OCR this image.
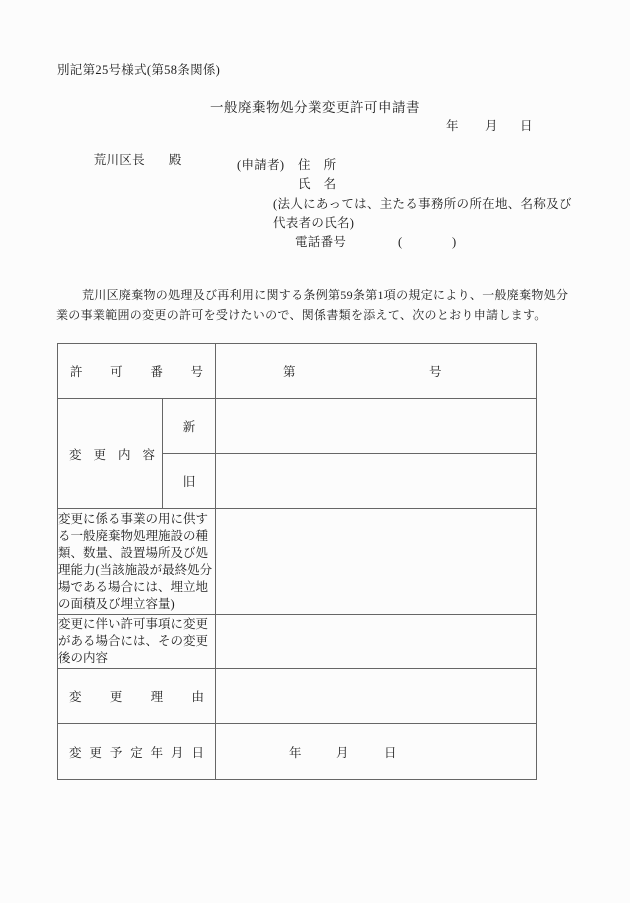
別記第25号様式(第58条関係)
一般廃棄物処分業変更許可申請書
年 月 日

荒川区長 殿
	(申請者) 住　所
氏　名
(法人にあっては、主たる事務所の所在地、名称及び
代表者の氏名)
電話番号	(	)
荒川区廃棄物の処理及び再利用に関する条例第59条第1項の規定により、一般廃棄物処分
業の事業範囲の変更の許可を受けたいので、関係書類を添えて、次のとおり申請します。
許 可 番 号		第 号

変 更 内 容	新	
	旧	
変更に係る事業の用に供する一般廃棄物処理施設の種類、数量、設置場所及び処理能力(当該施設が最終処分場である場合には、埋立地の面積及び埋立容量)		
変更に伴い許可事項に変更がある場合には、その変更後の内容		

変 更 理 由		

変 更 予 定 年 月 日	年	月	日
